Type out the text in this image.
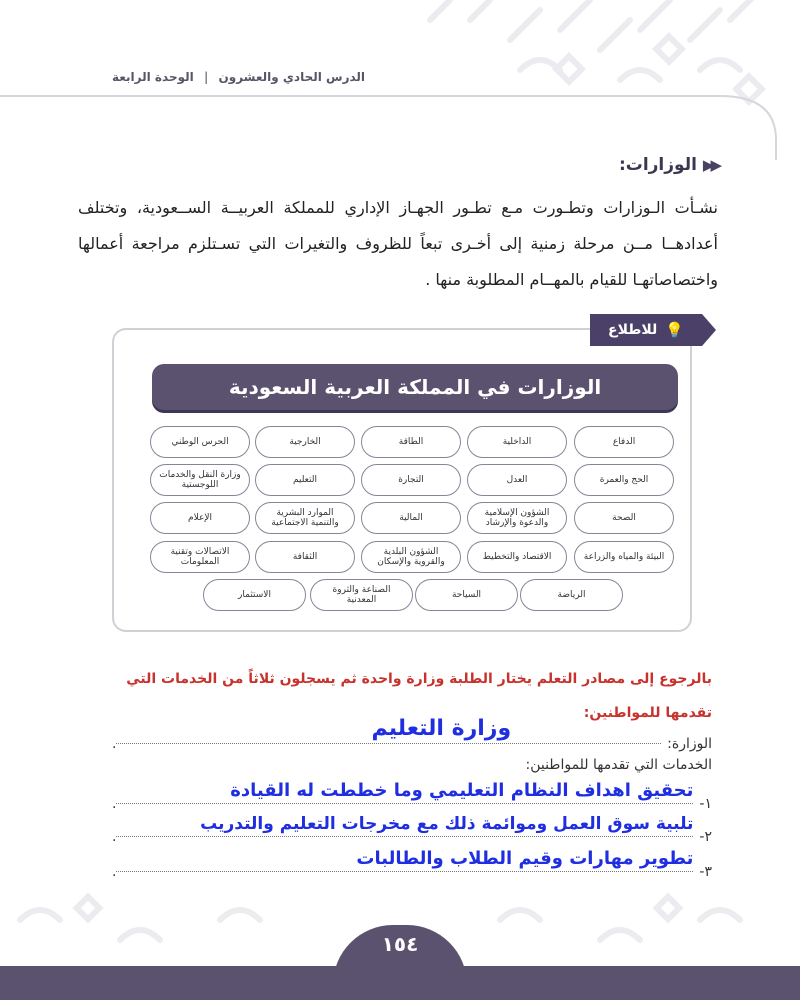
الدرس الحادي والعشرون | الوحدة الرابعة
▶▶
الوزارات:

نشـأت الـوزارات وتطـورت مـع تطـور الجهـاز الإداري للمملكة العربيــة الســعودية، وتختلف أعدادهــا مــن مرحلة زمنية إلى أخـرى تبعاً للظروف والتغيرات التي تسـتلزم مراجعة أعمالها واختصاصاتهـا للقيام بالمهــام المطلوبة منها .

💡
للاطلاع
الوزارات في المملكة العربية السعودية
الدفاع
الداخلية
الطاقة
الخارجية
الحرس الوطني
الحج والعمرة
العدل
التجارة
التعليم
وزارة النقل والخدمات اللوجستية
الصحة
الشؤون الإسلامية والدعوة والإرشاد
المالية
الموارد البشرية والتنمية الاجتماعية
الإعلام
البيئة والمياه والزراعة
الاقتصاد والتخطيط
الشؤون البلدية والقروية والإسكان
الثقافة
الاتصالات وتقنية المعلومات
الرياضة
السياحة
الصناعة والثروة المعدنية
الاستثمار
بالرجوع إلى مصادر التعلم يختار الطلبة وزارة واحدة ثم يسجلون ثلاثاً من الخدمات التي
تقدمها للمواطنين:
الوزارة:
وزارة التعليم
.
الخدمات التي تقدمها للمواطنين:
١-
تحقيق اهداف النظام التعليمي وما خططت له القيادة
.
٢-
تلبية سوق العمل وموائمة ذلك مع مخرجات التعليم والتدريب
.
٣-
تطوير مهارات وقيم الطلاب والطالبات
.
١٥٤
